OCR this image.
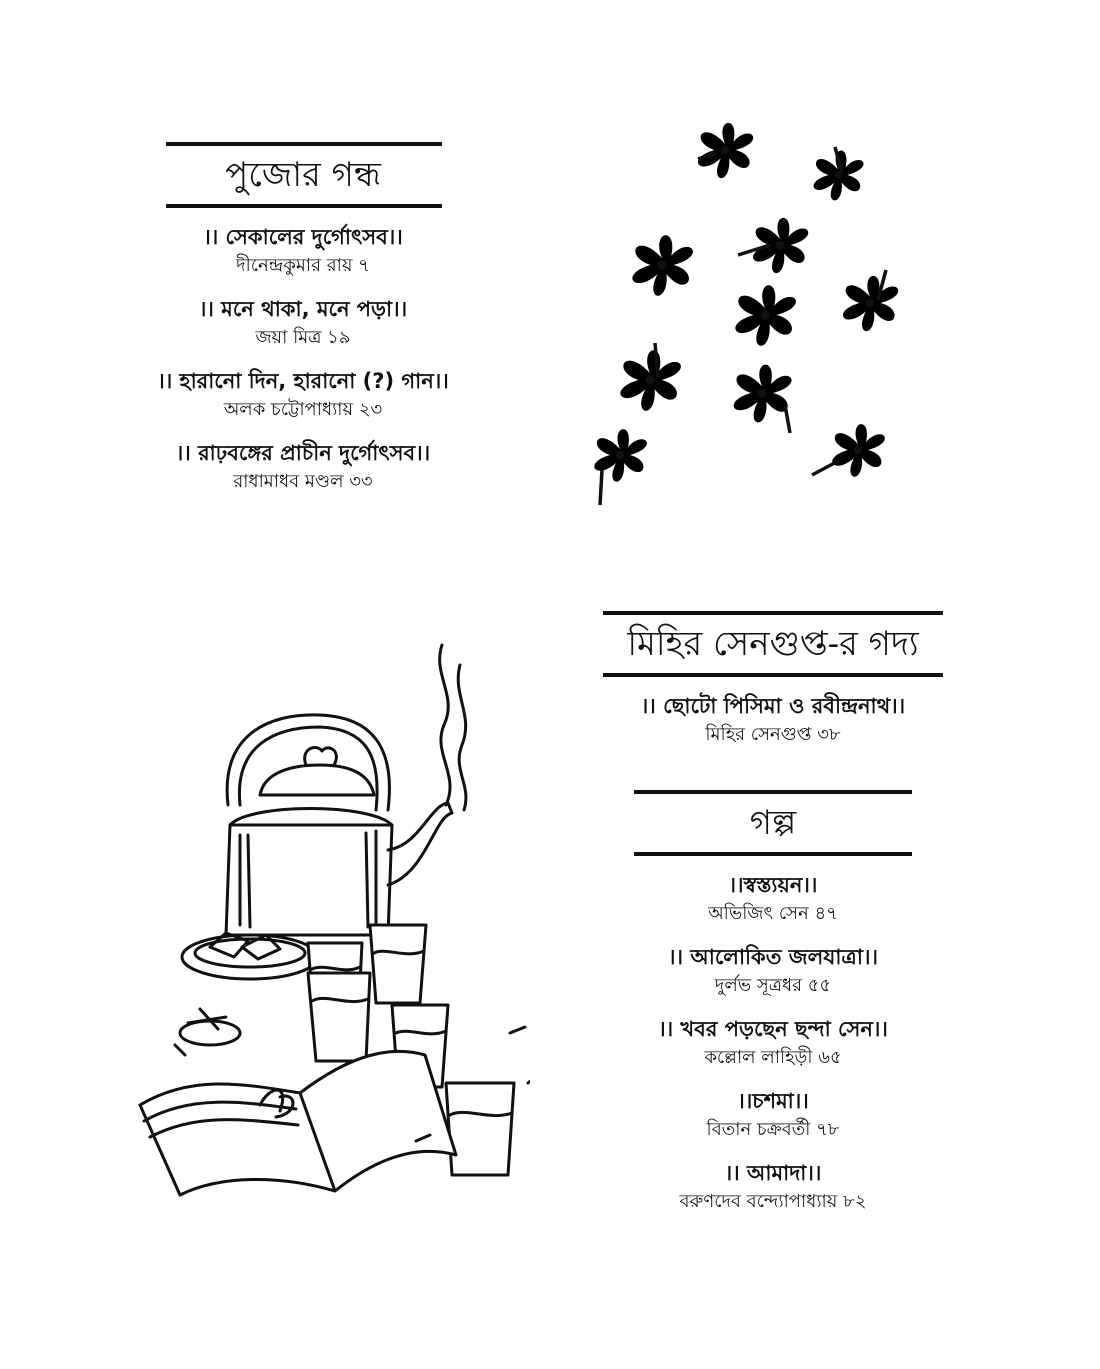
পুজোর গন্ধ
।। সেকালের দুর্গোৎসব।।
দীনেন্দ্রকুমার রায় ৭
।। মনে থাকা, মনে পড়া।।
জয়া মিত্র ১৯
।। হারানো দিন, হারানো (?) গান।।
অলক চট্টোপাধ্যায় ২৩
।। রাঢ়বঙ্গের প্রাচীন দুর্গোৎসব।।
রাধামাধব মণ্ডল ৩৩
মিহির সেনগুপ্ত-র গদ্য
।। ছোটো পিসিমা ও রবীন্দ্রনাথ।।
মিহির সেনগুপ্ত ৩৮
গল্প
।।স্বস্ত্যয়ন।।
অভিজিৎ সেন ৪৭
।। আলোকিত জলযাত্রা।।
দুর্লভ সূত্রধর ৫৫
।। খবর পড়ছেন ছন্দা সেন।।
কল্লোল লাহিড়ী ৬৫
।।চশমা।।
বিতান চক্রবর্তী ৭৮
।। আমাদা।।
বরুণদেব বন্দ্যোপাধ্যায় ৮২
